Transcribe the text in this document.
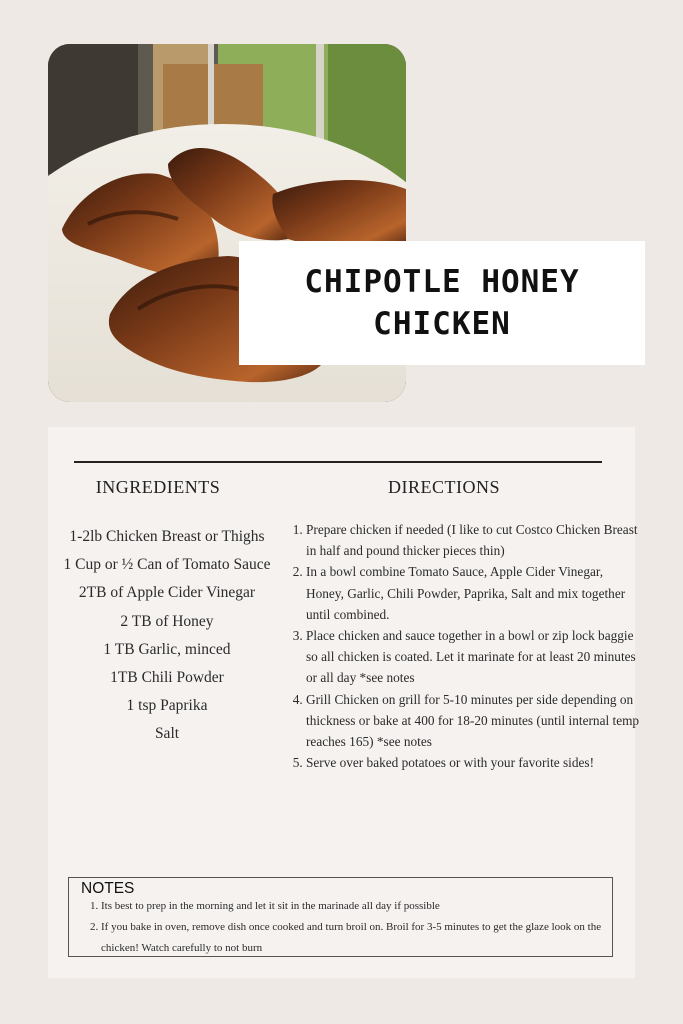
CHIPOTLE HONEY CHICKEN
INGREDIENTS	DIRECTIONS
1-2lb Chicken Breast or Thighs
1 Cup or ½ Can of Tomato Sauce
2TB of Apple Cider Vinegar
2 TB of Honey
1 TB Garlic, minced
1TB Chili Powder
1 tsp Paprika
Salt
1. Prepare chicken if needed (I like to cut Costco Chicken Breast in half and pound thicker pieces thin)
2. In a bowl combine Tomato Sauce, Apple Cider Vinegar, Honey, Garlic, Chili Powder, Paprika, Salt and mix together until combined.
3. Place chicken and sauce together in a bowl or zip lock baggie so all chicken is coated. Let it marinate for at least 20 minutes or all day *see notes
4. Grill Chicken on grill for 5-10 minutes per side depending on thickness or bake at 400 for 18-20 minutes (until internal temp reaches 165) *see notes
5. Serve over baked potatoes or with your favorite sides!
NOTES
1. Its best to prep in the morning and let it sit in the marinade all day if possible
2. If you bake in oven, remove dish once cooked and turn broil on. Broil for 3-5 minutes to get the glaze look on the chicken! Watch carefully to not burn
